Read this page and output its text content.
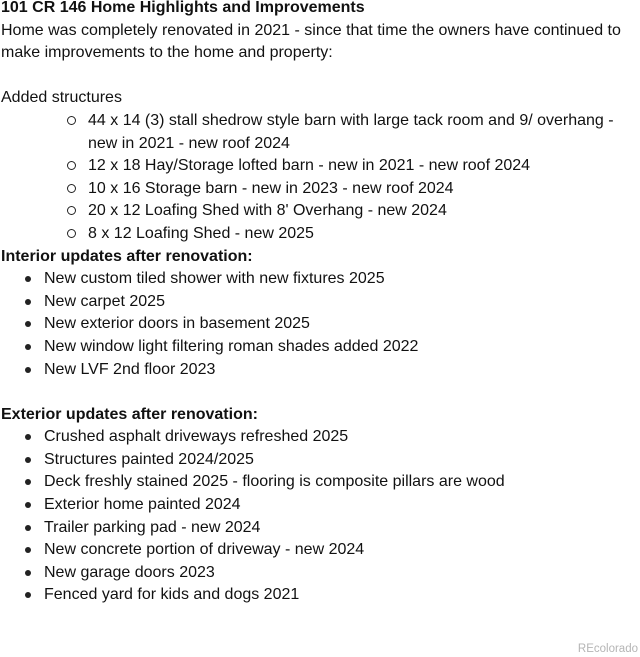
101 CR 146 Home Highlights and Improvements

Home was completely renovated in 2021 - since that time the owners have continued to make improvements to the home and property:

Added structures

44 x 14 (3) stall shedrow style barn with large tack room and 9/ overhang - new in 2021 - new roof 2024
12 x 18 Hay/Storage lofted barn - new in 2021 - new roof 2024
10 x 16 Storage barn - new in 2023 - new roof 2024
20 x 12 Loafing Shed with 8' Overhang - new 2024
8 x 12 Loafing Shed - new 2025

Interior updates after renovation:

New custom tiled shower with new fixtures 2025
New carpet 2025
New exterior doors in basement 2025
New window light filtering roman shades added 2022
New LVF 2nd floor 2023

Exterior updates after renovation:

Crushed asphalt driveways refreshed 2025
Structures painted 2024/2025
Deck freshly stained 2025 - flooring is composite pillars are wood
Exterior home painted 2024
Trailer parking pad - new 2024
New concrete portion of driveway - new 2024
New garage doors 2023
Fenced yard for kids and dogs 2021
REcolorado
